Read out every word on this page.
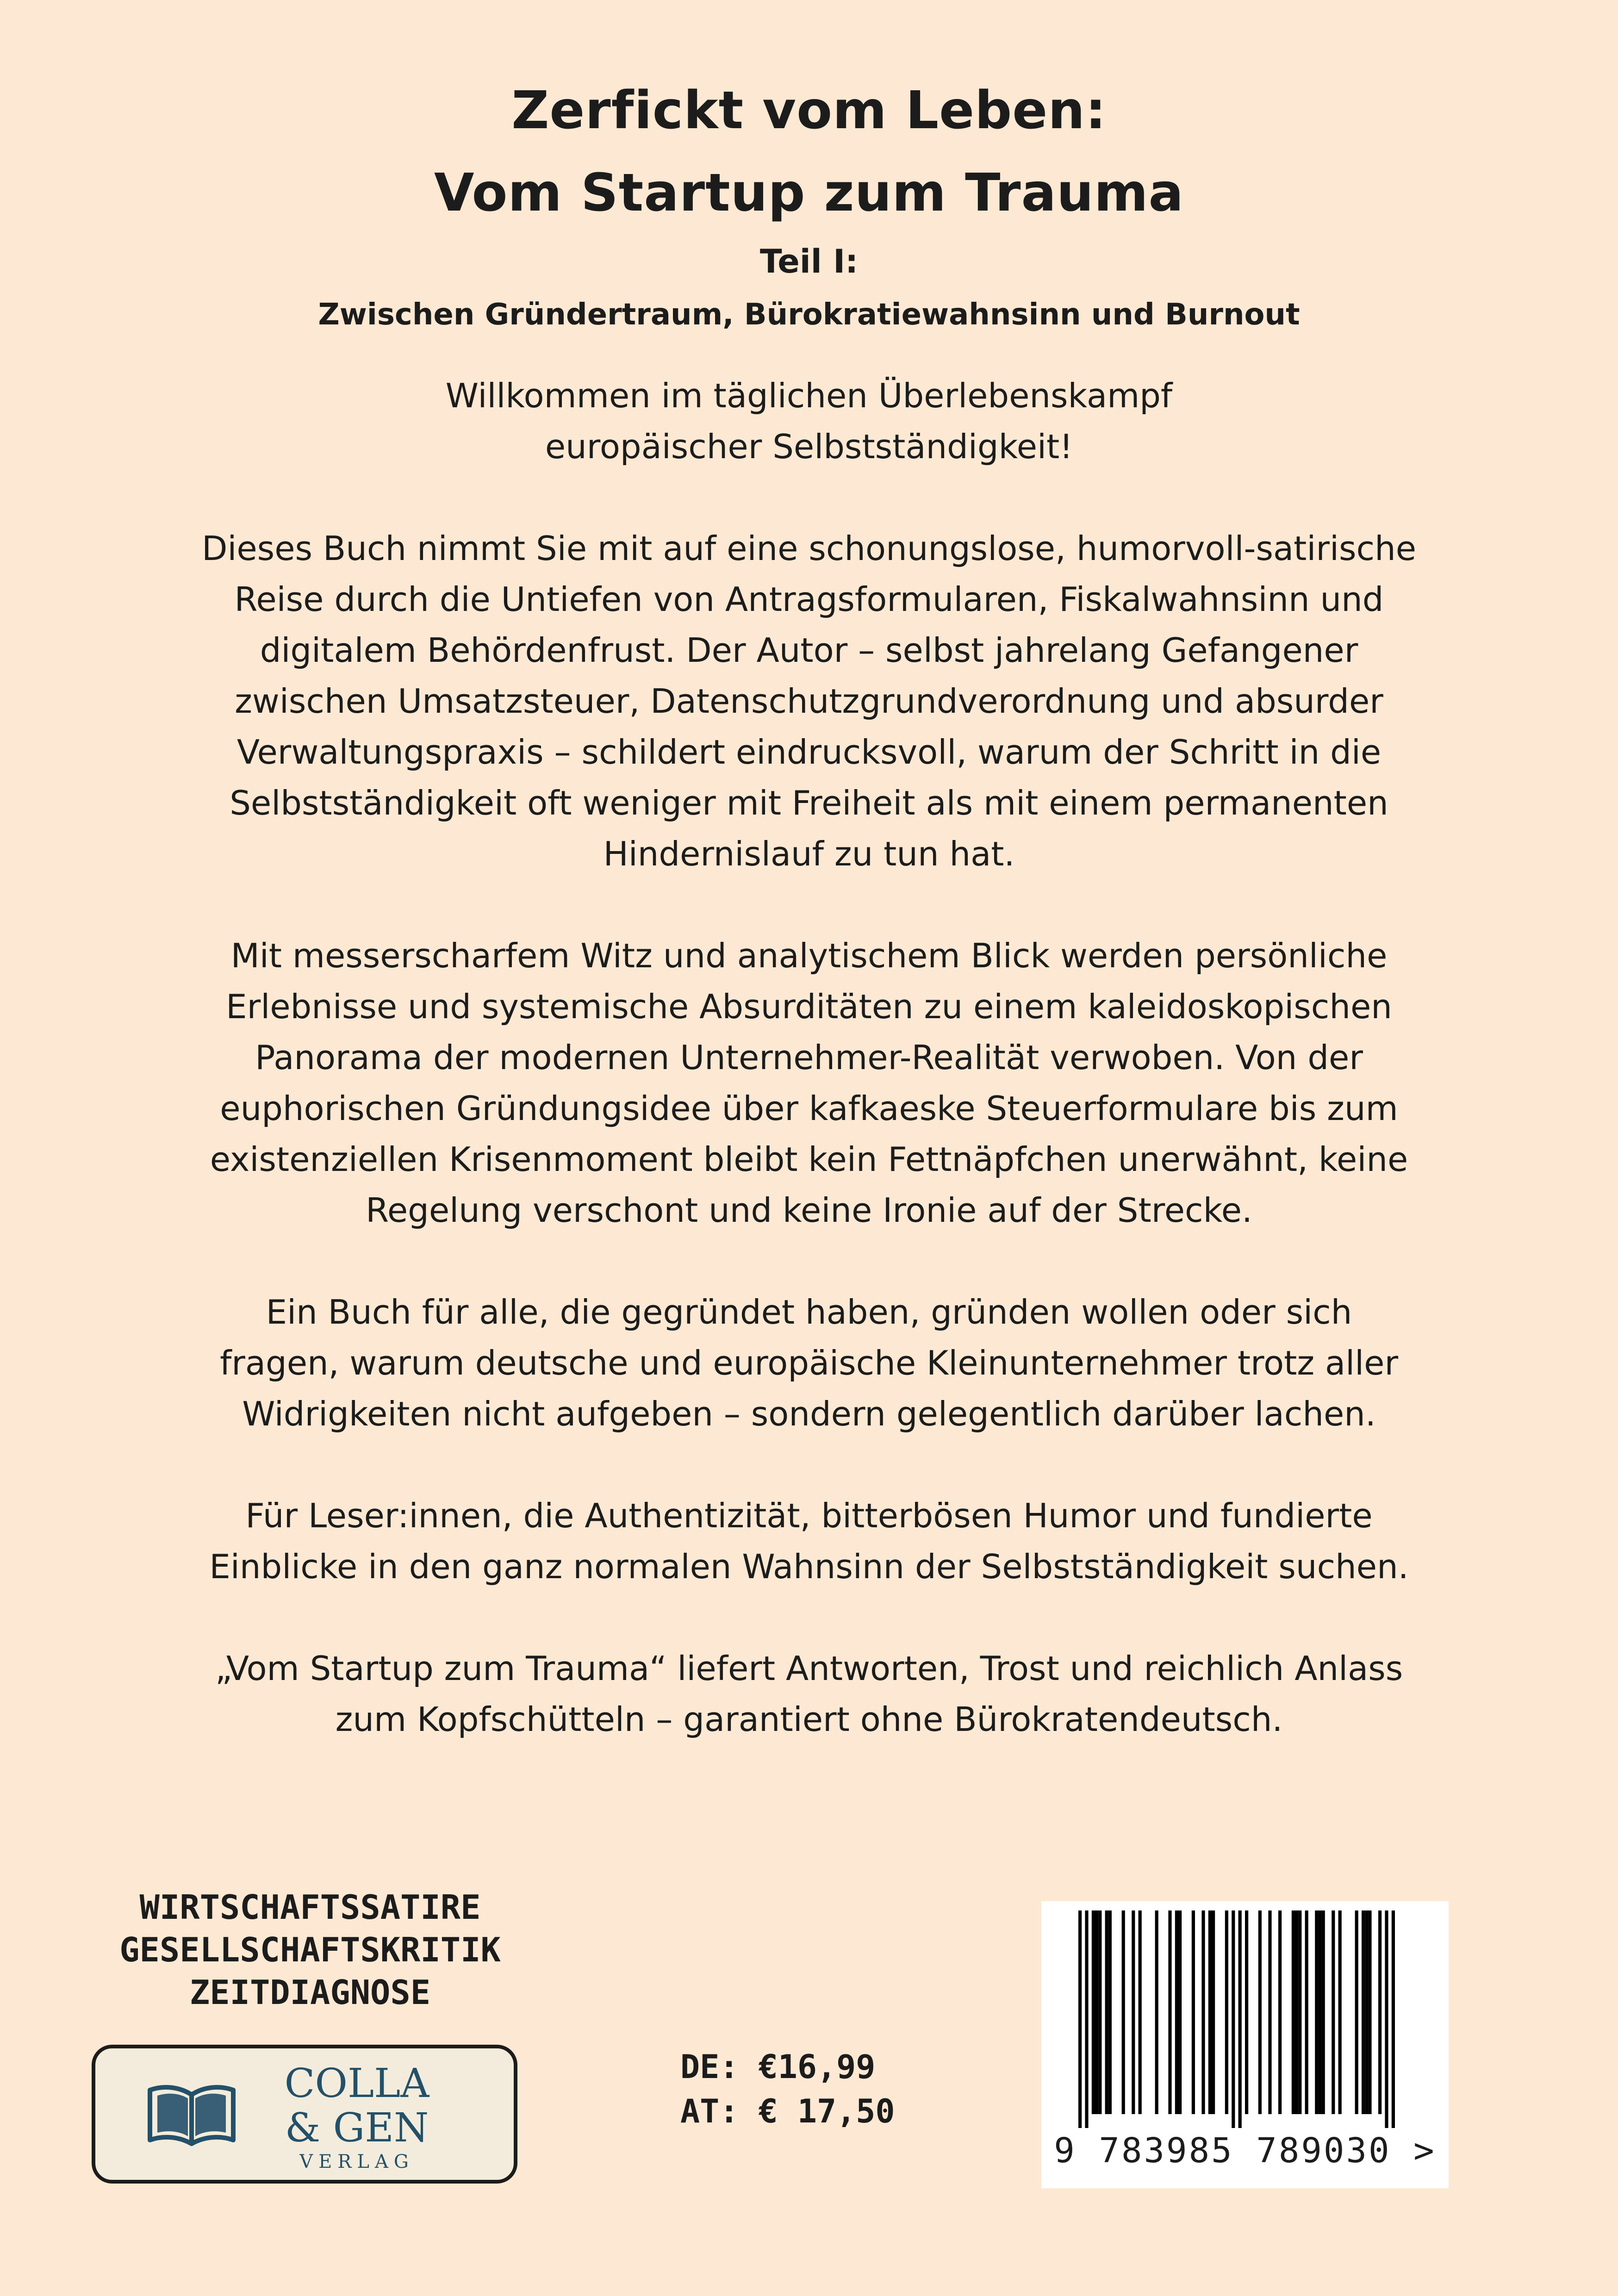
Zerfickt vom Leben:
Vom Startup zum Trauma
Teil I:
Zwischen Gründertraum, Bürokratiewahnsinn und Burnout

Willkommen im täglichen Überlebenskampf
europäischer Selbstständigkeit!

Dieses Buch nimmt Sie mit auf eine schonungslose, humorvoll-satirische
Reise durch die Untiefen von Antragsformularen, Fiskalwahnsinn und
digitalem Behördenfrust. Der Autor – selbst jahrelang Gefangener
zwischen Umsatzsteuer, Datenschutzgrundverordnung und absurder
Verwaltungspraxis – schildert eindrucksvoll, warum der Schritt in die
Selbstständigkeit oft weniger mit Freiheit als mit einem permanenten
Hindernislauf zu tun hat.

Mit messerscharfem Witz und analytischem Blick werden persönliche
Erlebnisse und systemische Absurditäten zu einem kaleidoskopischen
Panorama der modernen Unternehmer-Realität verwoben. Von der
euphorischen Gründungsidee über kafkaeske Steuerformulare bis zum
existenziellen Krisenmoment bleibt kein Fettnäpfchen unerwähnt, keine
Regelung verschont und keine Ironie auf der Strecke.

Ein Buch für alle, die gegründet haben, gründen wollen oder sich
fragen, warum deutsche und europäische Kleinunternehmer trotz aller
Widrigkeiten nicht aufgeben – sondern gelegentlich darüber lachen.

Für Leser:innen, die Authentizität, bitterbösen Humor und fundierte
Einblicke in den ganz normalen Wahnsinn der Selbstständigkeit suchen.

„Vom Startup zum Trauma“ liefert Antworten, Trost und reichlich Anlass
zum Kopfschütteln – garantiert ohne Bürokratendeutsch.

WIRTSCHAFTSSATIRE
GESELLSCHAFTSKRITIK
ZEITDIAGNOSE
COLLA
& GEN
VERLAG
DE: €16,99
AT: € 17,50
9 783985 789030 >
